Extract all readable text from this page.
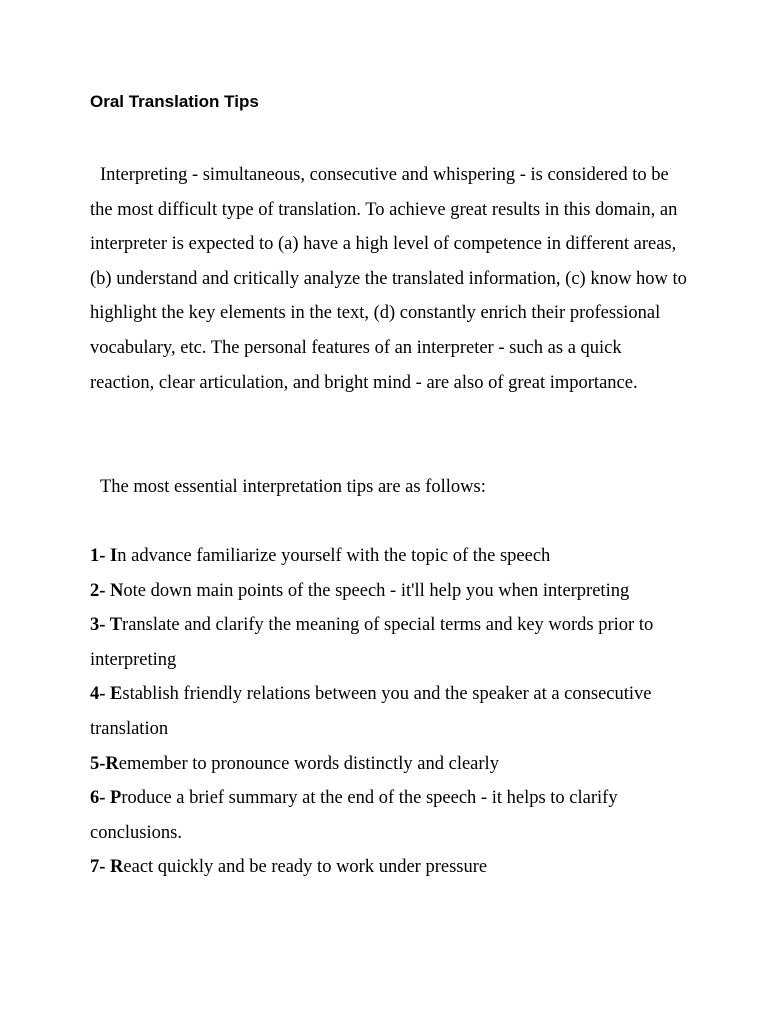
Oral Translation Tips

Interpreting - simultaneous, consecutive and whispering - is considered to be the most difficult type of translation. To achieve great results in this domain, an interpreter is expected to (a) have a high level of competence in different areas, (b) understand and critically analyze the translated information, (c) know how to highlight the key elements in the text, (d) constantly enrich their professional vocabulary, etc. The personal features of an interpreter - such as a quick reaction, clear articulation, and bright mind - are also of great importance.

The most essential interpretation tips are as follows:

1- In advance familiarize yourself with the topic of the speech
2- Note down main points of the speech - it'll help you when interpreting
3- Translate and clarify the meaning of special terms and key words prior to interpreting
4- Establish friendly relations between you and the speaker at a consecutive translation
5-Remember to pronounce words distinctly and clearly
6- Produce a brief summary at the end of the speech - it helps to clarify conclusions.
7- React quickly and be ready to work under pressure
